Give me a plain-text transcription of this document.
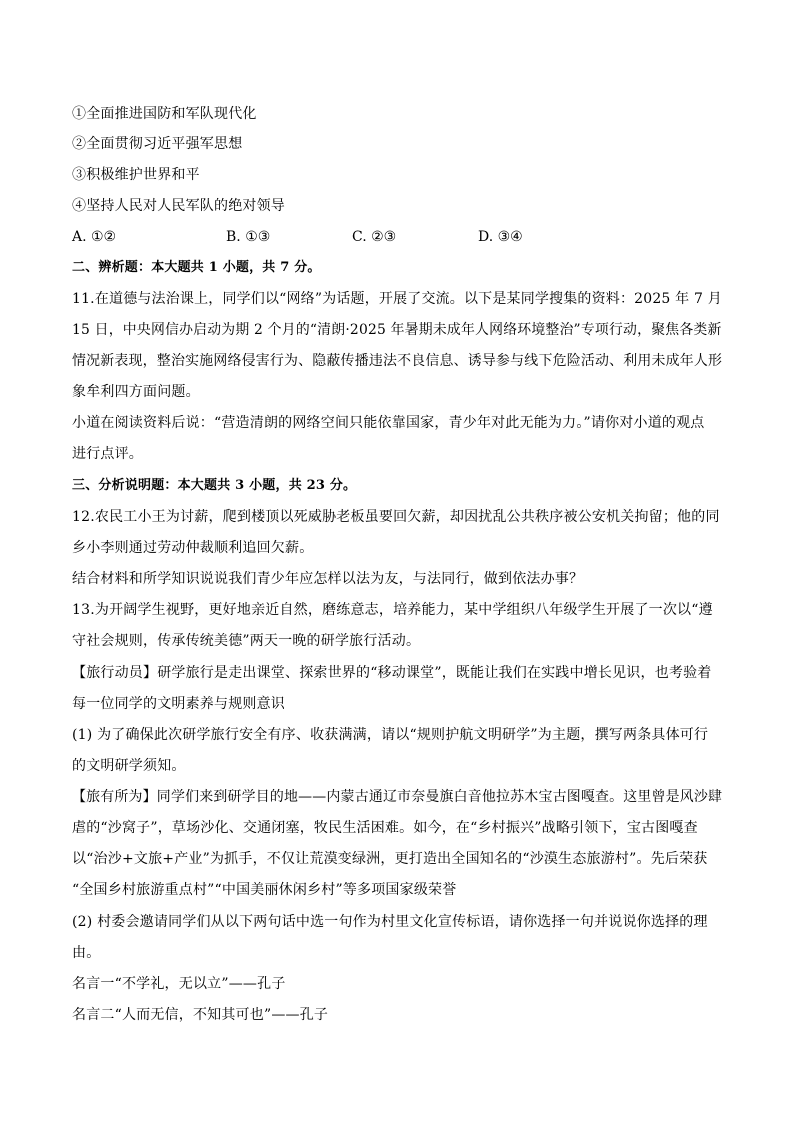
①全面推进国防和军队现代化
②全面贯彻习近平强军思想
③积极维护世界和平
④坚持人民对人民军队的绝对领导
A. ①②	B. ①③	C. ②③	D. ③④
二、辨析题：本大题共 1 小题，共 7 分。
11.在道德与法治课上，同学们以“网络”为话题，开展了交流。以下是某同学搜集的资料：2025 年 7 月
15 日，中央网信办启动为期 2 个月的“清朗·2025 年暑期未成年人网络环境整治”专项行动，聚焦各类新
情况新表现，整治实施网络侵害行为、隐蔽传播违法不良信息、诱导参与线下危险活动、利用未成年人形
象牟利四方面问题。
小道在阅读资料后说：“营造清朗的网络空间只能依靠国家，青少年对此无能为力。”请你对小道的观点
进行点评。
三、分析说明题：本大题共 3 小题，共 23 分。
12.农民工小王为讨薪，爬到楼顶以死威胁老板虽要回欠薪，却因扰乱公共秩序被公安机关拘留；他的同
乡小李则通过劳动仲裁顺利追回欠薪。
结合材料和所学知识说说我们青少年应怎样以法为友，与法同行，做到依法办事？
13.为开阔学生视野，更好地亲近自然，磨练意志，培养能力，某中学组织八年级学生开展了一次以“遵
守社会规则，传承传统美德”两天一晚的研学旅行活动。
【旅行动员】研学旅行是走出课堂、探索世界的“移动课堂”，既能让我们在实践中增长见识，也考验着
每一位同学的文明素养与规则意识
(1) 为了确保此次研学旅行安全有序、收获满满，请以“规则护航文明研学”为主题，撰写两条具体可行
的文明研学须知。
【旅有所为】同学们来到研学目的地——内蒙古通辽市奈曼旗白音他拉苏木宝古图嘎查。这里曾是风沙肆
虐的“沙窝子”，草场沙化、交通闭塞，牧民生活困难。如今，在“乡村振兴”战略引领下，宝古图嘎查
以“治沙+文旅+产业”为抓手，不仅让荒漠变绿洲，更打造出全国知名的“沙漠生态旅游村”。先后荣获
“全国乡村旅游重点村”“中国美丽休闲乡村”等多项国家级荣誉
(2) 村委会邀请同学们从以下两句话中选一句作为村里文化宣传标语，请你选择一句并说说你选择的理
由。
名言一“不学礼，无以立”——孔子
名言二“人而无信，不知其可也”——孔子
